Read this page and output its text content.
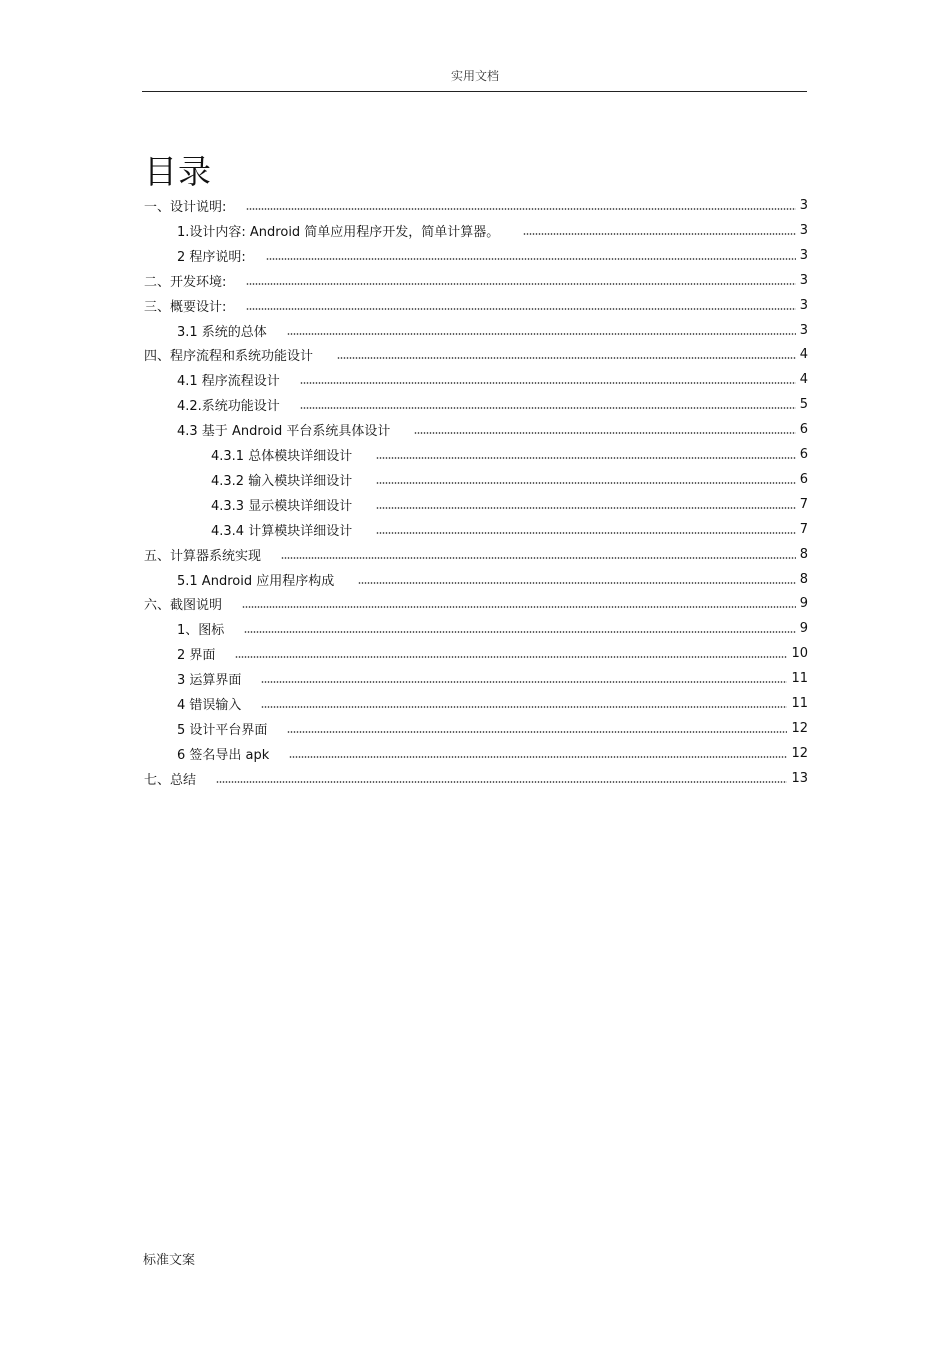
实用文档
目录
一、设计说明:	3
1.设计内容: Android 简单应用程序开发，简单计算器。	3
2 程序说明:	3
二、开发环境:	3
三、概要设计:	3
3.1 系统的总体	3
四、程序流程和系统功能设计	4
4.1 程序流程设计	4
4.2.系统功能设计	5
4.3 基于 Android 平台系统具体设计	6
4.3.1 总体模块详细设计	6
4.3.2 输入模块详细设计	6
4.3.3 显示模块详细设计	7
4.3.4 计算模块详细设计	7
五、计算器系统实现	8
5.1 Android 应用程序构成	8
六、截图说明	9
1、图标	9
2 界面	10
3 运算界面	11
4 错误输入	11
5 设计平台界面	12
6 签名导出 apk	12
七、总结	13
标准文案
